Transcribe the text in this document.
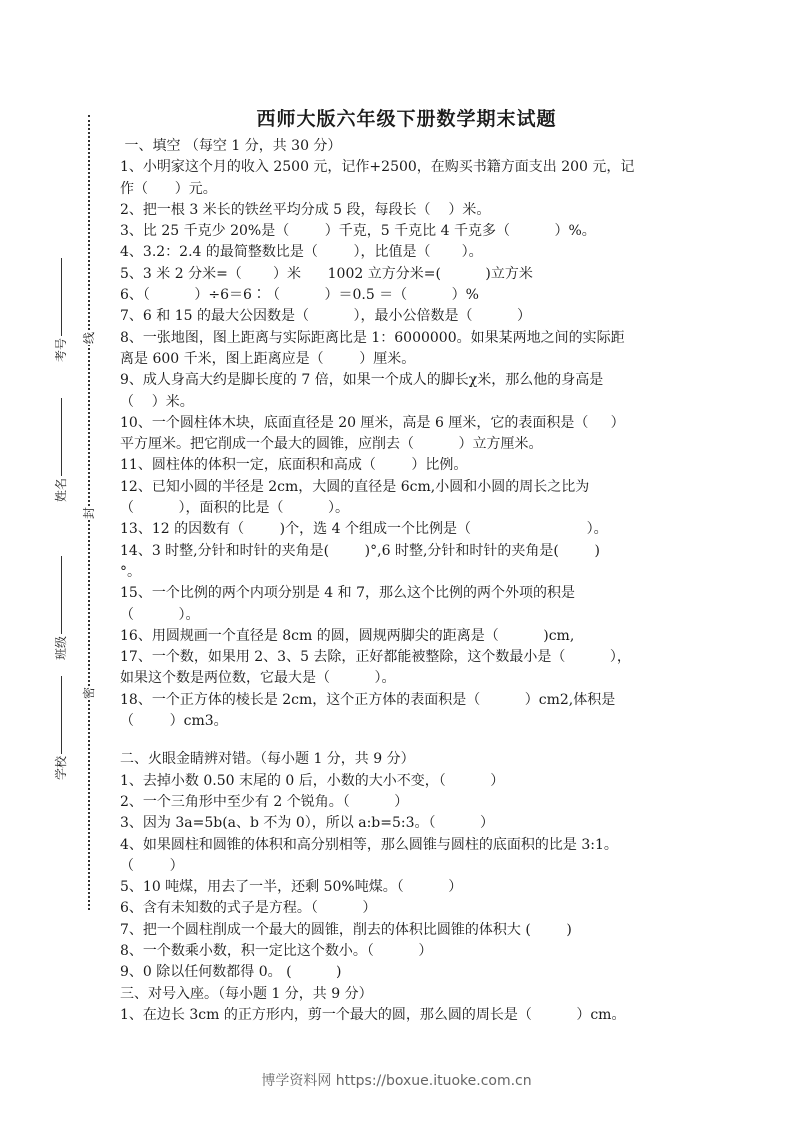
线
封
密
考号
姓名
班级
学校
西师大版六年级下册数学期末试题
一、填空 （每空 1 分，共 30 分）
1、小明家这个月的收入 2500 元，记作+2500，在购买书籍方面支出 200 元，记
作（      ）元。
2、把一根 3 米长的铁丝平均分成 5 段，每段长（    ）米。
3、比 25 千克少 20%是（        ）千克，5 千克比 4 千克多（          ）%。
4、3.2：2.4 的最简整数比是（        ），比值是（       ）。
5、3 米 2 分米=（       ）米      1002 立方分米=(          )立方米
6、（          ）÷6＝6∶（          ）＝0.5 ＝（          ）%
7、6 和 15 的最大公因数是（          ），最小公倍数是（          ）
8、一张地图，图上距离与实际距离比是 1：6000000。如果某两地之间的实际距
离是 600 千米，图上距离应是（        ）厘米。
9、成人身高大约是脚长度的 7 倍，如果一个成人的脚长χ米，那么他的身高是
（    ）米。
10、一个圆柱体木块，底面直径是 20 厘米，高是 6 厘米，它的表面积是（     ）
平方厘米。把它削成一个最大的圆锥，应削去（          ）立方厘米。
11、圆柱体的体积一定，底面积和高成（        ）比例。
12、已知小圆的半径是 2cm，大圆的直径是 6cm,小圆和小圆的周长之比为
（          ），面积的比是（          ）。
13、12 的因数有（        )个，选 4 个组成一个比例是（                          ）。
14、3 时整,分针和时针的夹角是(        )°,6 时整,分针和时针的夹角是(        )
°。
15、一个比例的两个内项分别是 4 和 7，那么这个比例的两个外项的积是
（          ）。
16、用圆规画一个直径是 8cm 的圆，圆规两脚尖的距离是（          )cm,
17、一个数，如果用 2、3、5 去除，正好都能被整除，这个数最小是（          ），
如果这个数是两位数，它最大是（          ）。
18、一个正方体的棱长是 2cm，这个正方体的表面积是（          ）cm2,体积是
（        ）cm3。
二、火眼金睛辨对错。（每小题 1 分，共 9 分）
1、去掉小数 0.50 末尾的 0 后，小数的大小不变，（          ）
2、一个三角形中至少有 2 个锐角。（          ）
3、因为 3a=5b(a、b 不为 0），所以 a:b=5:3。（          ）
4、如果圆柱和圆锥的体积和高分别相等，那么圆锥与圆柱的底面积的比是 3:1。
（        ）
5、10 吨煤，用去了一半，还剩 50%吨煤。（          ）
6、含有未知数的式子是方程。（          ）
7、把一个圆柱削成一个最大的圆锥，削去的体积比圆锥的体积大 (        )
8、一个数乘小数，积一定比这个数小。（          ）
9、0 除以任何数都得 0。 (          )
三、对号入座。（每小题 1 分，共 9 分）
1、在边长 3cm 的正方形内，剪一个最大的圆，那么圆的周长是（          ）cm。
博学资料网 https://boxue.ituoke.com.cn
